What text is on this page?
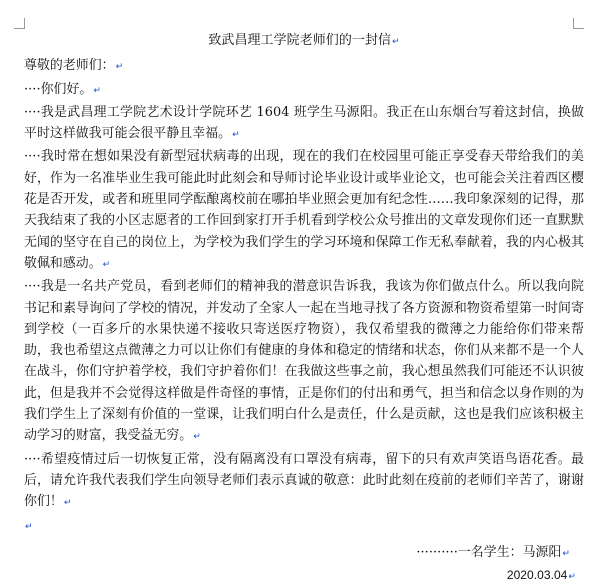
致武昌理工学院老师们的一封信↵

尊敬的老师们：↵

····你们好。↵

····我是武昌理工学院艺术设计学院环艺 1604 班学生马源阳。我正在山东烟台写着这封信，换做平时这样做我可能会很平静且幸福。↵

····我时常在想如果没有新型冠状病毒的出现，现在的我们在校园里可能正享受春天带给我们的美好，作为一名准毕业生我可能此时此刻会和导师讨论毕业设计或毕业论文，也可能会关注着西区樱花是否开发，或者和班里同学酝酿离校前在哪拍毕业照会更加有纪念性……我印象深刻的记得，那天我结束了我的小区志愿者的工作回到家打开手机看到学校公众号推出的文章发现你们还一直默默无闻的坚守在自己的岗位上，为学校为我们学生的学习环境和保障工作无私奉献着，我的内心极其敬佩和感动。↵

····我是一名共产党员，看到老师们的精神我的潜意识告诉我，我该为你们做点什么。所以我向院书记和素导询问了学校的情况，并发动了全家人一起在当地寻找了各方资源和物资希望第一时间寄到学校（一百多斤的水果快递不接收只寄送医疗物资），我仅希望我的微薄之力能给你们带来帮助，我也希望这点微薄之力可以让你们有健康的身体和稳定的情绪和状态，你们从来都不是一个人在战斗，你们守护着学校，我们守护着你们！在我做这些事之前，我心想虽然我们可能还不认识彼此，但是我并不会觉得这样做是件奇怪的事情，正是你们的付出和勇气，担当和信念以身作则的为我们学生上了深刻有价值的一堂课，让我们明白什么是责任，什么是贡献，这也是我们应该积极主动学习的财富，我受益无穷。↵

····希望疫情过后一切恢复正常，没有隔离没有口罩没有病毒，留下的只有欢声笑语鸟语花香。最后，请允许我代表我们学生向领导老师们表示真诚的敬意：此时此刻在疫前的老师们辛苦了，谢谢你们！↵

↵

··········一名学生：马源阳↵

2020.03.04↵
